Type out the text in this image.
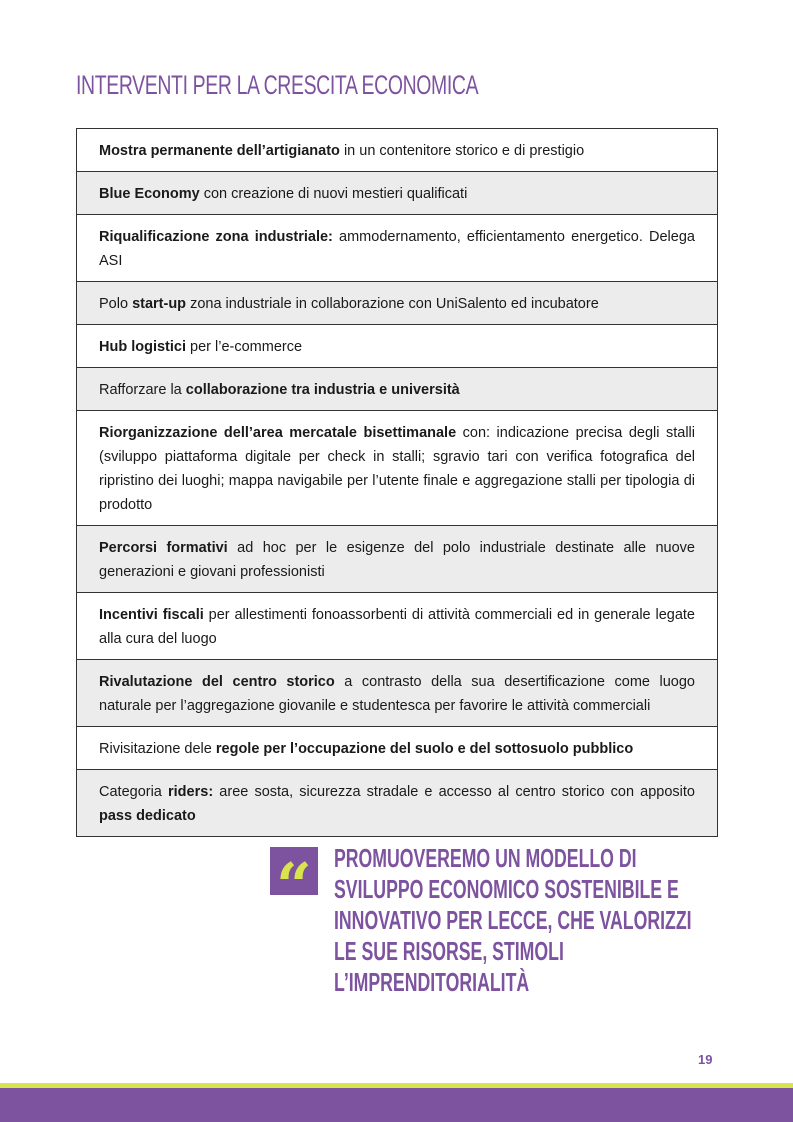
INTERVENTI PER LA CRESCITA ECONOMICA
Mostra permanente dell’artigianato in un contenitore storico e di prestigio
Blue Economy con creazione di nuovi mestieri qualificati
Riqualificazione zona industriale: ammodernamento, efficientamento energetico. Delega ASI
Polo start-up zona industriale in collaborazione con UniSalento ed incubatore
Hub logistici per l’e-commerce
Rafforzare la collaborazione tra industria e università
Riorganizzazione dell’area mercatale bisettimanale con: indicazione precisa degli stalli (sviluppo piattaforma digitale per check in stalli; sgravio tari con verifica fotografica del ripristino dei luoghi; mappa navigabile per l’utente finale e aggregazione stalli per tipologia di prodotto
Percorsi formativi ad hoc per le esigenze del polo industriale destinate alle nuove generazioni e giovani professionisti
Incentivi fiscali per allestimenti fonoassorbenti di attività commerciali ed in generale legate alla cura del luogo
Rivalutazione del centro storico a contrasto della sua desertificazione come luogo naturale per l’aggregazione giovanile e studentesca per favorire le attività commerciali
Rivisitazione dele regole per l’occupazione del suolo e del sottosuolo pubblico
Categoria riders: aree sosta, sicurezza stradale e accesso al centro storico con apposito pass dedicato
“ PROMUOVEREMO UN MODELLO DI SVILUPPO ECONOMICO SOSTENIBILE E INNOVATIVO PER LECCE, CHE VALORIZZI LE SUE RISORSE, STIMOLI L’IMPRENDITORIALITÀ
19
